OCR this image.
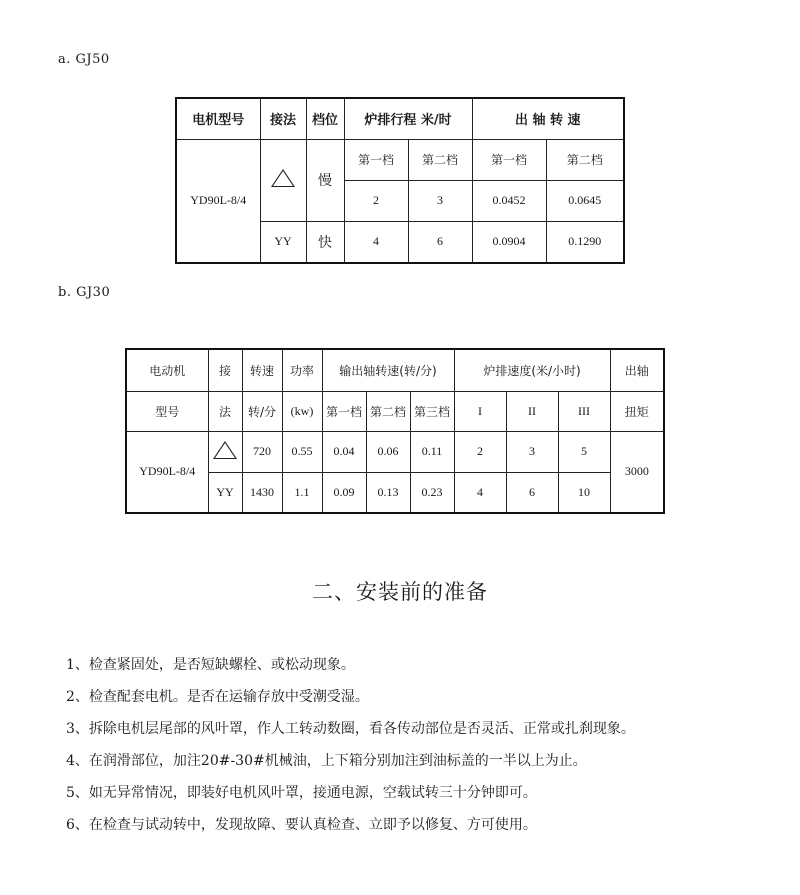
a. GJ50
电机型号	接法	档位	炉排行程 米/时		出 轴 转 速	
YD90L-8/4		慢	第一档	第二档	第一档	第二档
			2	3	0.0452	0.0645
	YY	快	4	6	0.0904	0.1290
b. GJ30
电动机	接	转速	功率	输出轴转速(转/分)			炉排速度(米/小时)			出轴
型号	法	转/分	(kw)	第一档	第二档	第三档	I	II	III	扭矩
YD90L-8/4		720	0.55	0.04	0.06	0.11	2	3	5	3000
	YY	1430	1.1	0.09	0.13	0.23	4	6	10	
二、安装前的准备
1、检查紧固处，是否短缺螺栓、或松动现象。
2、检查配套电机。是否在运输存放中受潮受湿。
3、拆除电机层尾部的风叶罩，作人工转动数圈，看各传动部位是否灵活、正常或扎刹现象。
4、在润滑部位，加注20#-30#机械油，上下箱分别加注到油标盖的一半以上为止。
5、如无异常情况，即装好电机风叶罩，接通电源，空载试转三十分钟即可。
6、在检查与试动转中，发现故障、要认真检查、立即予以修复、方可使用。
